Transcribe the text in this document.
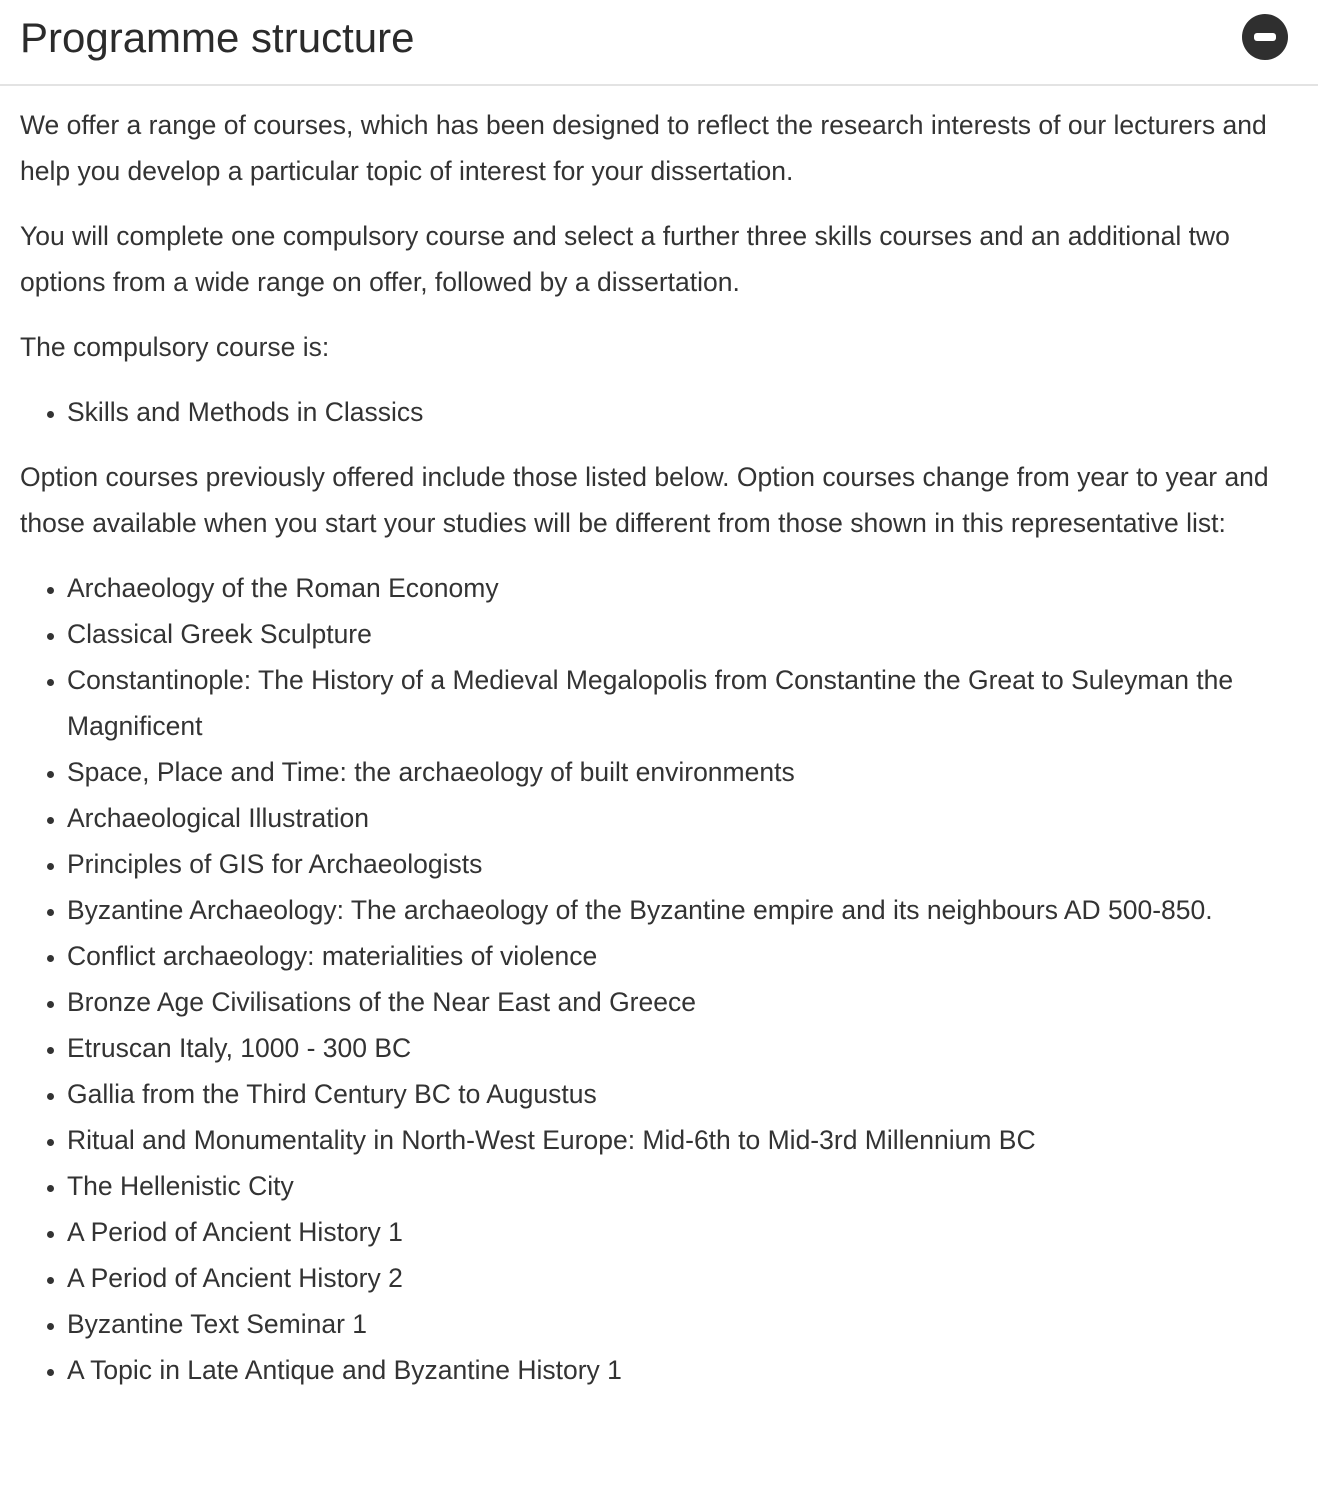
Programme structure

We offer a range of courses, which has been designed to reflect the research interests of our lecturers and help you develop a particular topic of interest for your dissertation.

You will complete one compulsory course and select a further three skills courses and an additional two options from a wide range on offer, followed by a dissertation.

The compulsory course is:

• Skills and Methods in Classics

Option courses previously offered include those listed below. Option courses change from year to year and those available when you start your studies will be different from those shown in this representative list:

• Archaeology of the Roman Economy
• Classical Greek Sculpture
• Constantinople: The History of a Medieval Megalopolis from Constantine the Great to Suleyman the Magnificent
• Space, Place and Time: the archaeology of built environments
• Archaeological Illustration
• Principles of GIS for Archaeologists
• Byzantine Archaeology: The archaeology of the Byzantine empire and its neighbours AD 500-850.
• Conflict archaeology: materialities of violence
• Bronze Age Civilisations of the Near East and Greece
• Etruscan Italy, 1000 - 300 BC
• Gallia from the Third Century BC to Augustus
• Ritual and Monumentality in North-West Europe: Mid-6th to Mid-3rd Millennium BC
• The Hellenistic City
• A Period of Ancient History 1
• A Period of Ancient History 2
• Byzantine Text Seminar 1
• A Topic in Late Antique and Byzantine History 1
